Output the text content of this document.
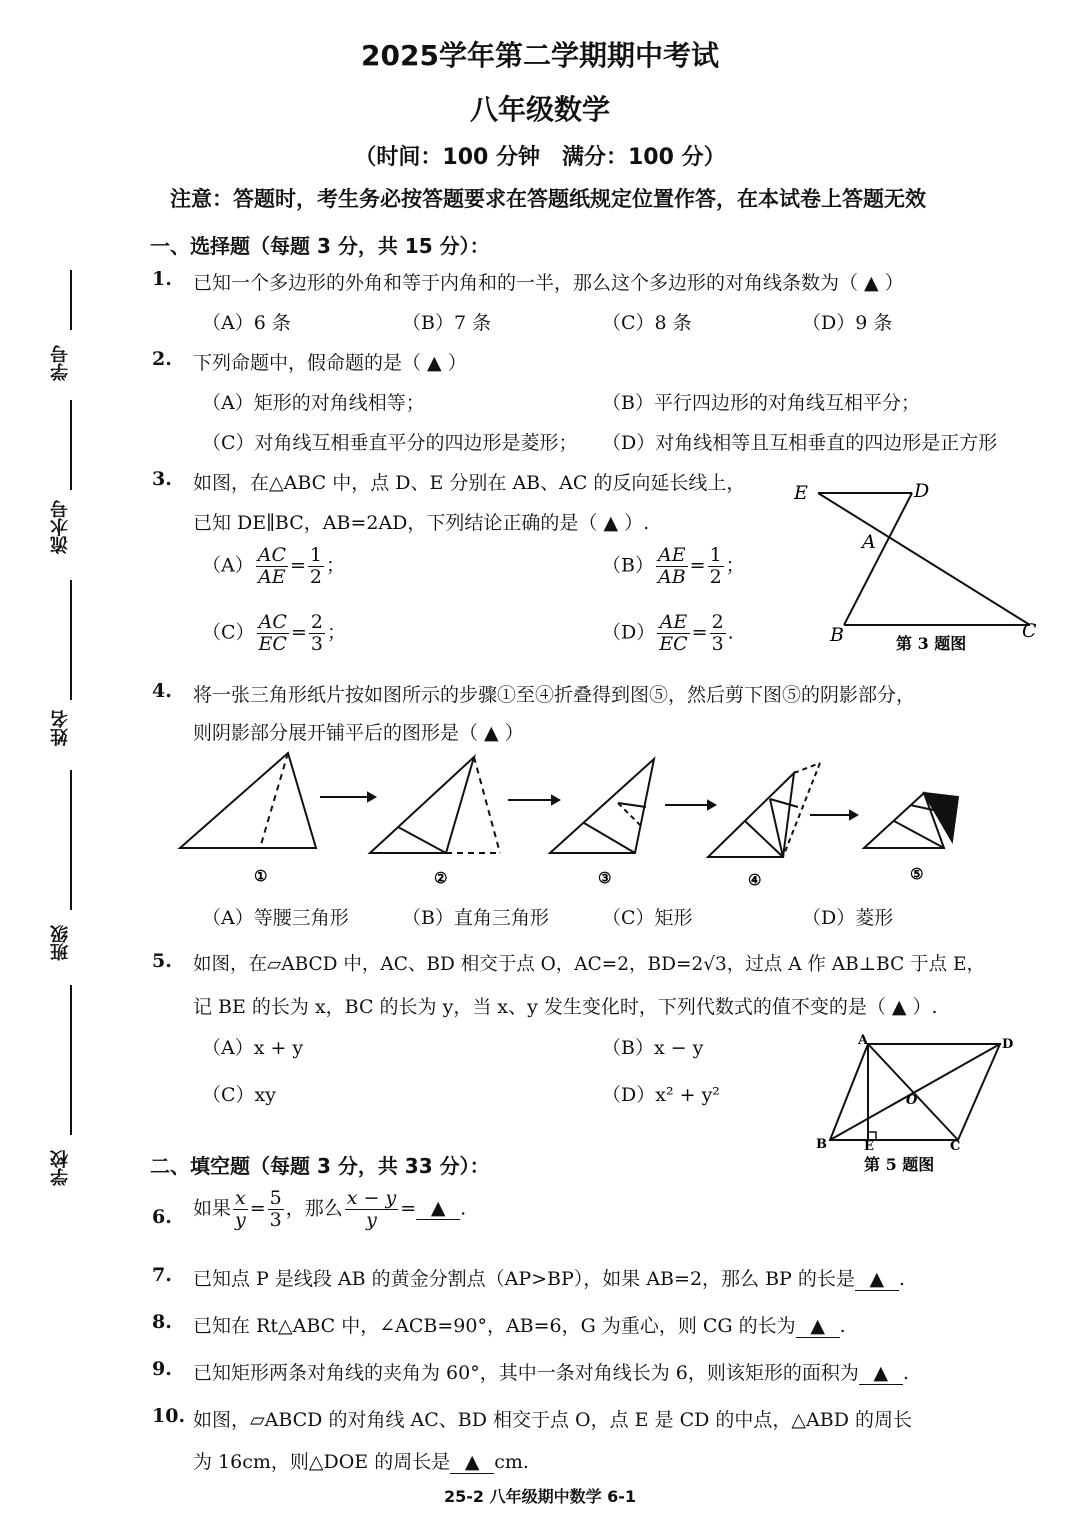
2025学年第二学期期中考试
八年级数学
（时间：100 分钟　满分：100 分）
注意：答题时，考生务必按答题要求在答题纸规定位置作答，在本试卷上答题无效
学号
流水号
姓名
班级
学校
一、选择题（每题 3 分，共 15 分）：
1. 已知一个多边形的外角和等于内角和的一半，那么这个多边形的对角线条数为（ ▲ ）
（A）6 条	（B）7 条	（C）8 条	（D）9 条
2. 下列命题中，假命题的是（ ▲ ）
（A）矩形的对角线相等；	（B）平行四边形的对角线互相平分；
（C）对角线互相垂直平分的四边形是菱形； （D）对角线相等且互相垂直的四边形是正方形
3. 如图，在△ABC 中，点 D、E 分别在 AB、AC 的反向延长线上，
已知 DE∥BC，AB=2AD，下列结论正确的是（ ▲ ）.
$(A) \frac{AC}{AE} = \frac{1}{2}$ ；	$(B) \frac{AE}{AB} = \frac{1}{2}$ ；
$(C) \frac{AC}{EC} = \frac{2}{3}$ ；	$(D) \frac{AE}{EC} = \frac{2}{3}$ .
E	D
A
B	C
第 3 题图
4. 将一张三角形纸片按如图所示的步骤①至④折叠得到图⑤，然后剪下图⑤的阴影部分，
则阴影部分展开铺平后的图形是（ ▲ ）
①	②	③	④	⑤
（A）等腰三角形	（B）直角三角形	（C）矩形	（D）菱形
5. 如图，在▱ABCD 中，AC、BD 相交于点 O，AC=2，BD=2√3，过点 A 作 AB⊥BC 于点 E，
记 BE 的长为 x，BC 的长为 y，当 x、y 发生变化时，下列代数式的值不变的是（ ▲ ）.
（A）x + y	（B）x − y
（C）xy	（D）x² + y²
A	D
O
B	E	C
第 5 题图
二、填空题（每题 3 分，共 33 分）：
6. 如果 $\frac{x}{y} = \frac{5}{3}$ ，那么 $\frac{x - y}{y}$ = ▲ .
7. 已知点 P 是线段 AB 的黄金分割点（AP>BP），如果 AB=2，那么 BP 的长是 ▲ .
8. 已知在 Rt△ABC 中，∠ACB=90°，AB=6，G 为重心，则 CG 的长为 ▲ .
9. 已知矩形两条对角线的夹角为 60°，其中一条对角线长为 6，则该矩形的面积为 ▲ .
10. 如图，▱ABCD 的对角线 AC、BD 相交于点 O，点 E 是 CD 的中点，△ABD 的周长
为 16cm，则△DOE 的周长是 ▲ cm.
25-2 八年级期中数学 6-1
